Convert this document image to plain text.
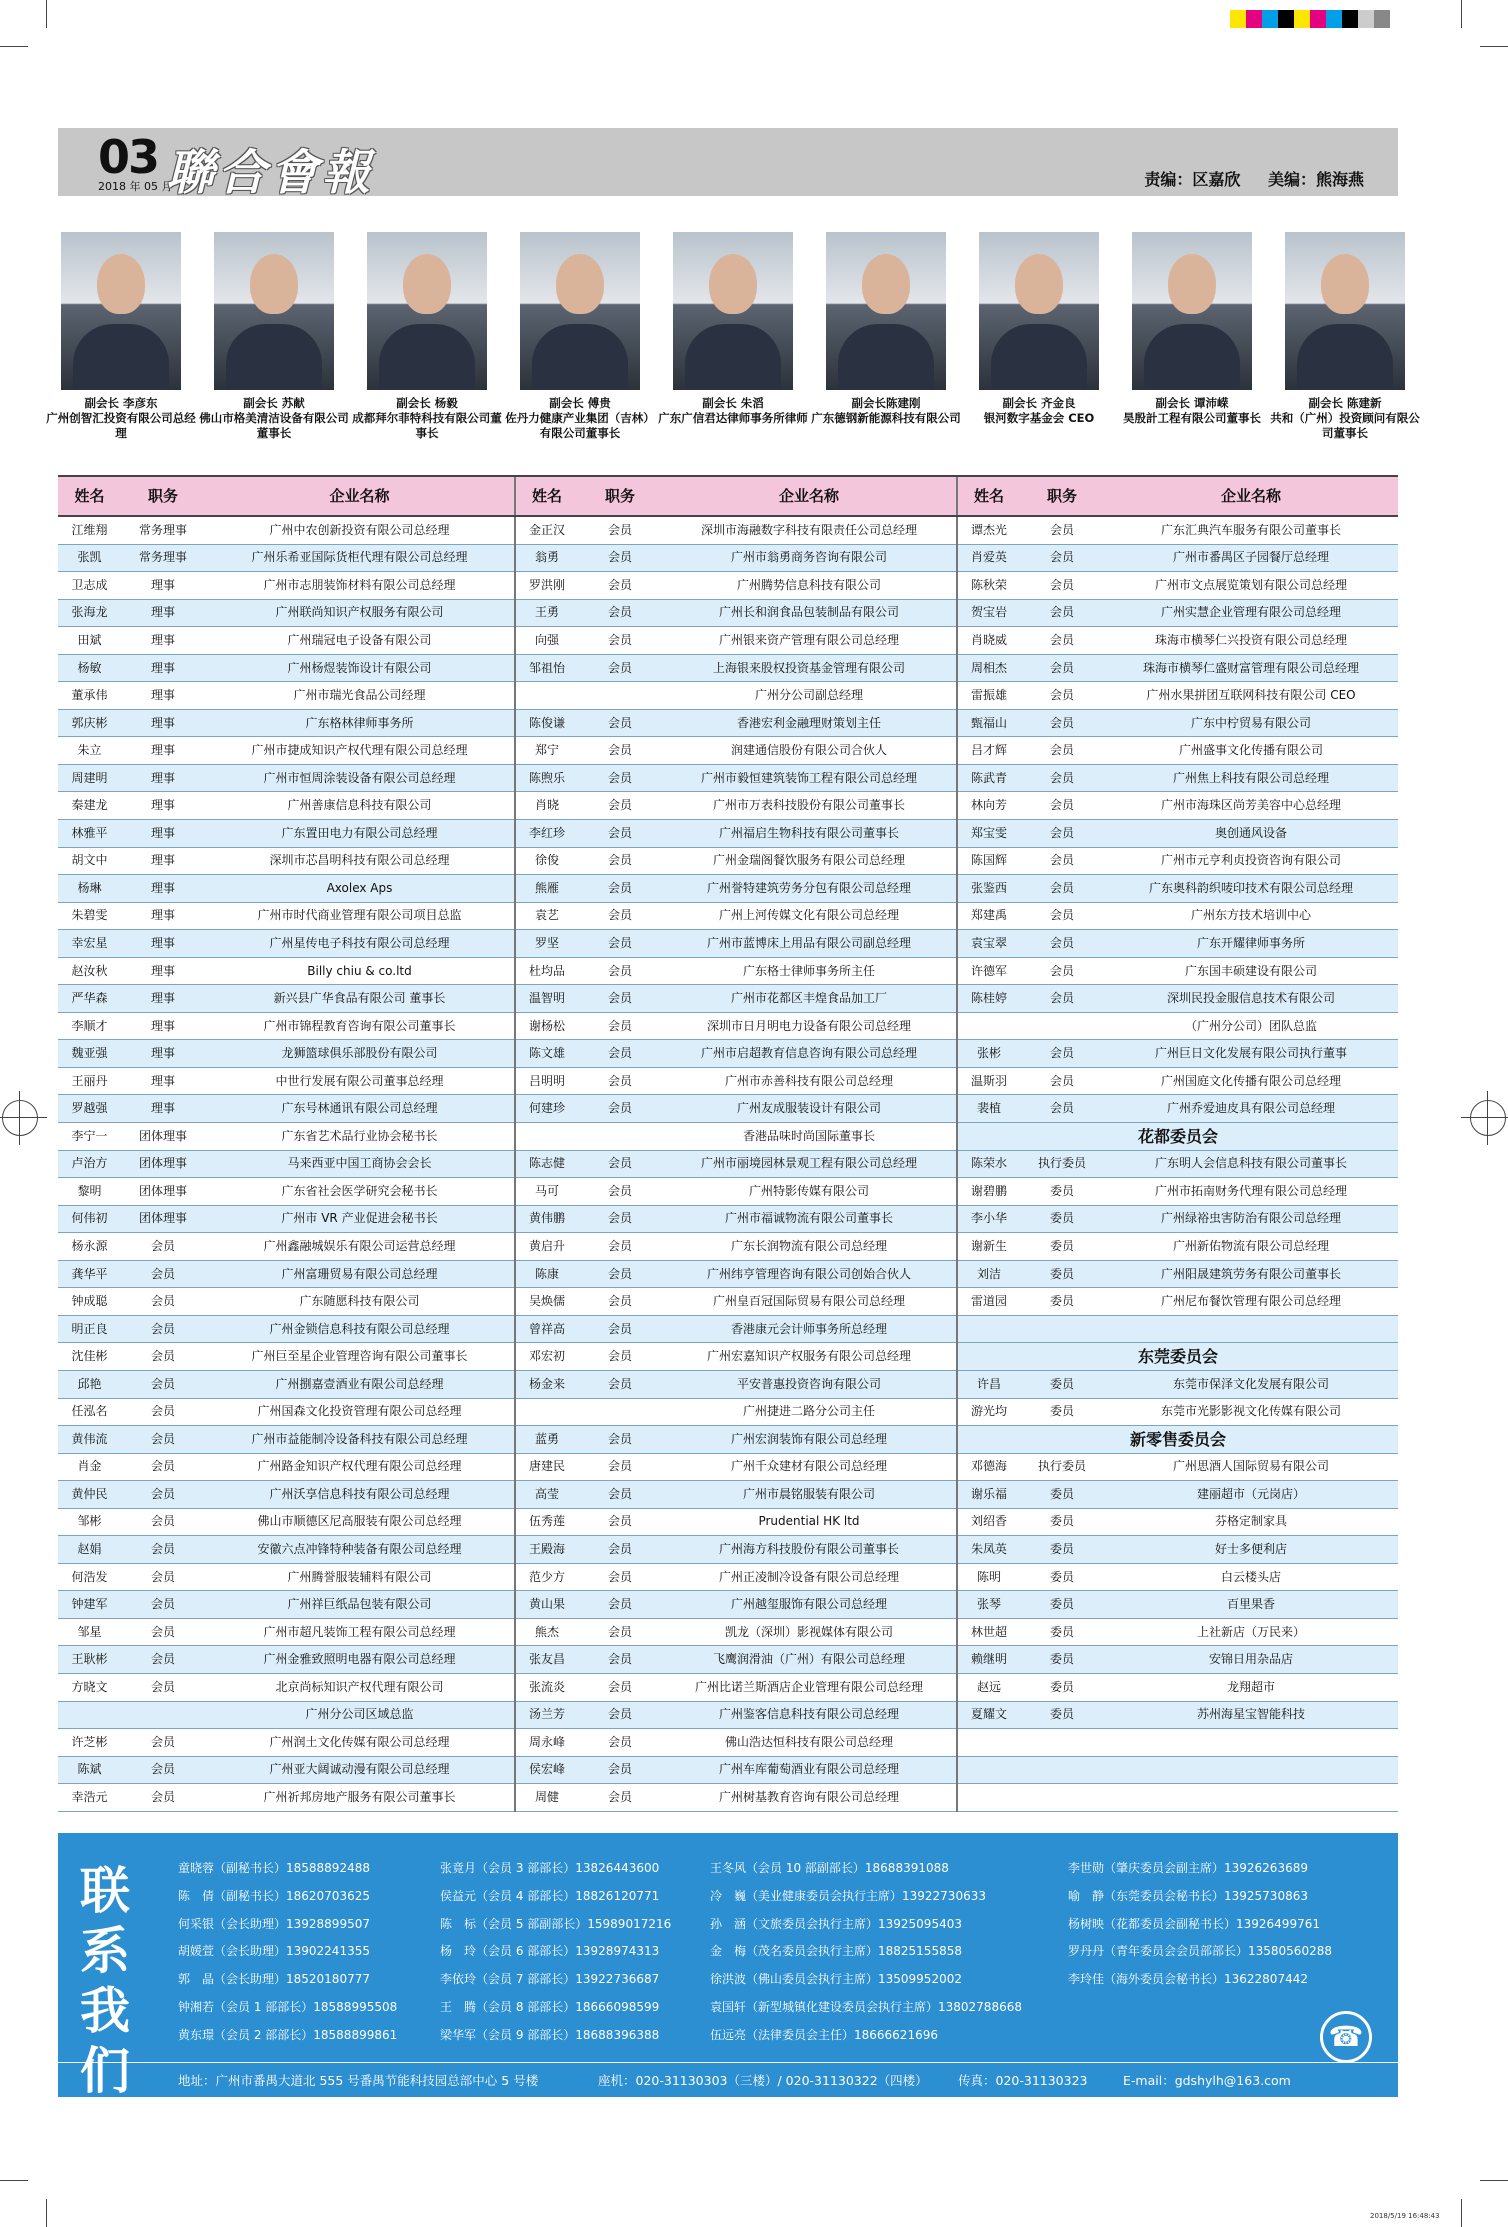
03
2018 年 05 月
聯合會報	责编：区嘉欣 美编：熊海燕
副会长 李彦东
广州创智汇投资有限公司总经理
副会长 苏献
佛山市格美清洁设备有限公司董事长
副会长 杨毅
成都拜尔菲特科技有限公司董事长
副会长 傅贵
佐丹力健康产业集团（吉林）有限公司董事长
副会长 朱滔
广东广信君达律师事务所律师
副会长陈建刚
广东德钢新能源科技有限公司
副会长 齐金良
银河数字基金会 CEO
副会长 谭沛嵘
昊殷計工程有限公司董事长
副会长 陈建新
共和（广州）投资顾问有限公司董事长
姓名	职务	企业名称	姓名	职务	企业名称	姓名	职务	企业名称
江维翔	常务理事	广州中农创新投资有限公司总经理	金正汉	会员	深圳市海融数字科技有限责任公司总经理	谭杰光	会员	广东汇典汽车服务有限公司董事长
张凯	常务理事	广州乐希亚国际货柜代理有限公司总经理	翁勇	会员	广州市翁勇商务咨询有限公司	肖爱英	会员	广州市番禺区子园餐厅总经理
卫志成	理事	广州市志朋装饰材料有限公司总经理	罗洪刚	会员	广州腾势信息科技有限公司	陈秋荣	会员	广州市文点展览策划有限公司总经理
张海龙	理事	广州联尚知识产权服务有限公司	王勇	会员	广州长和润食品包装制品有限公司	贺宝岩	会员	广州实慧企业管理有限公司总经理
田斌	理事	广州瑞冠电子设备有限公司	向强	会员	广州银来资产管理有限公司总经理	肖晓威	会员	珠海市横琴仁兴投资有限公司总经理
杨敏	理事	广州杨煜装饰设计有限公司	邹祖怡	会员	上海银来股权投资基金管理有限公司	周相杰	会员	珠海市横琴仁盛财富管理有限公司总经理
董承伟	理事	广州市瑞光食品公司经理			广州分公司副总经理	雷振雄	会员	广州水果拼团互联网科技有限公司 CEO
郭庆彬	理事	广东格林律师事务所	陈俊谦	会员	香港宏利金融理财策划主任	甄福山	会员	广东中柠贸易有限公司
朱立	理事	广州市捷成知识产权代理有限公司总经理	郑宁	会员	润建通信股份有限公司合伙人	吕才辉	会员	广州盛事文化传播有限公司
周建明	理事	广州市恒周涂装设备有限公司总经理	陈煦乐	会员	广州市毅恒建筑装饰工程有限公司总经理	陈武青	会员	广州焦上科技有限公司总经理
秦建龙	理事	广州善康信息科技有限公司	肖晓	会员	广州市万表科技股份有限公司董事长	林向芳	会员	广州市海珠区尚芳美容中心总经理
林雅平	理事	广东置田电力有限公司总经理	李红珍	会员	广州福启生物科技有限公司董事长	郑宝雯	会员	奥创通风设备
胡文中	理事	深圳市芯昌明科技有限公司总经理	徐俊	会员	广州金瑞阁餐饮服务有限公司总经理	陈国辉	会员	广州市元亨利贞投资咨询有限公司
杨琳	理事	Axolex Aps	熊雁	会员	广州誉特建筑劳务分包有限公司总经理	张鉴西	会员	广东奥科韵织唛印技术有限公司总经理
朱碧雯	理事	广州市时代商业管理有限公司项目总监	袁艺	会员	广州上河传媒文化有限公司总经理	郑建禹	会员	广州东方技术培训中心
幸宏星	理事	广州星传电子科技有限公司总经理	罗坚	会员	广州市蓝博床上用品有限公司副总经理	袁宝翠	会员	广东开耀律师事务所
赵汝秋	理事	Billy chiu & co.ltd	杜均品	会员	广东格士律师事务所主任	许德军	会员	广东国丰硕建设有限公司
严华森	理事	新兴县广华食品有限公司 董事长	温智明	会员	广州市花都区丰煌食品加工厂	陈桂婷	会员	深圳民投金服信息技术有限公司
李顺才	理事	广州市锦程教育咨询有限公司董事长	谢杨松	会员	深圳市日月明电力设备有限公司总经理			（广州分公司）团队总监
魏亚强	理事	龙狮篮球俱乐部股份有限公司	陈文雄	会员	广州市启超教育信息咨询有限公司总经理	张彬	会员	广州巨日文化发展有限公司执行董事
王丽丹	理事	中世行发展有限公司董事总经理	吕明明	会员	广州市赤善科技有限公司总经理	温斯羽	会员	广州国庭文化传播有限公司总经理
罗越强	理事	广东号林通讯有限公司总经理	何建珍	会员	广州友成服装设计有限公司	裴植	会员	广州乔爱迪皮具有限公司总经理
李宁一	团体理事	广东省艺术品行业协会秘书长			香港品味时尚国际董事长	花都委员会		
卢治方	团体理事	马来西亚中国工商协会会长	陈志健	会员	广州市丽境园林景观工程有限公司总经理	陈荣水	执行委员	广东明人会信息科技有限公司董事长
黎明	团体理事	广东省社会医学研究会秘书长	马可	会员	广州特影传媒有限公司	谢碧鹏	委员	广州市拓南财务代理有限公司总经理
何伟初	团体理事	广州市 VR 产业促进会秘书长	黄伟鹏	会员	广州市福诚物流有限公司董事长	李小华	委员	广州绿裕虫害防治有限公司总经理
杨永源	会员	广州鑫融城娱乐有限公司运营总经理	黄启升	会员	广东长润物流有限公司总经理	谢新生	委员	广州新佑物流有限公司总经理
龚华平	会员	广州富珊贸易有限公司总经理	陈康	会员	广州纬亨管理咨询有限公司创始合伙人	刘洁	委员	广州阳晟建筑劳务有限公司董事长
钟成聪	会员	广东随愿科技有限公司	吴焕儒	会员	广州皇百冠国际贸易有限公司总经理	雷道园	委员	广州尼布餐饮管理有限公司总经理
明正良	会员	广州金锁信息科技有限公司总经理	曾祥高	会员	香港康元会计师事务所总经理			
沈佳彬	会员	广州巨至星企业管理咨询有限公司董事长	邓宏初	会员	广州宏嘉知识产权服务有限公司总经理	东莞委员会		
邱艳	会员	广州捌嘉壹酒业有限公司总经理	杨金来	会员	平安普惠投资咨询有限公司	许昌	委员	东莞市保泽文化发展有限公司
任泓名	会员	广州国森文化投资管理有限公司总经理			广州捷进二路分公司主任	游光均	委员	东莞市光影影视文化传媒有限公司
黄伟流	会员	广州市益能制冷设备科技有限公司总经理	蓝勇	会员	广州宏润装饰有限公司总经理	新零售委员会		
肖金	会员	广州路金知识产权代理有限公司总经理	唐建民	会员	广州千众建材有限公司总经理	邓德海	执行委员	广州思酒人国际贸易有限公司
黄仲民	会员	广州沃享信息科技有限公司总经理	高莹	会员	广州市晨铭服装有限公司	谢乐福	委员	建丽超市（元岗店）
邹彬	会员	佛山市顺德区尼高服装有限公司总经理	伍秀莲	会员	Prudential HK ltd	刘绍香	委员	芬格定制家具
赵娟	会员	安徽六点冲锋特种装备有限公司总经理	王殿海	会员	广州海方科技股份有限公司董事长	朱凤英	委员	好士多便利店
何浩发	会员	广州腾誉服装辅料有限公司	范少方	会员	广州正凌制冷设备有限公司总经理	陈明	委员	白云楼头店
钟建军	会员	广州祥巨纸品包装有限公司	黄山果	会员	广州越玺服饰有限公司总经理	张琴	委员	百里果香
邹星	会员	广州市超凡装饰工程有限公司总经理	熊杰	会员	凯龙（深圳）影视媒体有限公司	林世超	委员	上社新店（万民来）
王耿彬	会员	广州金雅致照明电器有限公司总经理	张友昌	会员	飞鹰润滑油（广州）有限公司总经理	赖继明	委员	安锦日用杂品店
方晓文	会员	北京尚标知识产权代理有限公司	张流炎	会员	广州比诺兰斯酒店企业管理有限公司总经理	赵远	委员	龙翔超市
		广州分公司区域总监	汤兰芳	会员	广州鉴客信息科技有限公司总经理	夏耀文	委员	苏州海星宝智能科技
许芝彬	会员	广州润土文化传媒有限公司总经理	周永峰	会员	佛山浩达恒科技有限公司总经理			
陈斌	会员	广州亚大阔诚动漫有限公司总经理	侯宏峰	会员	广州车库葡萄酒业有限公司总经理			
幸浩元	会员	广州祈邦房地产服务有限公司董事长	周健	会员	广州树基教育咨询有限公司总经理			
联系我们
童晓蓉（副秘书长）18588892488
陈　倩（副秘书长）18620703625
何采银（会长助理）13928899507
胡媛萱（会长助理）13902241355
郭　晶（会长助理）18520180777
钟湘若（会员 1 部部长）18588995508
黄东璟（会员 2 部部长）18588899861
张竟月（会员 3 部部长）13826443600
侯益元（会员 4 部部长）18826120771
陈　标（会员 5 部副部长）15989017216
杨　玲（会员 6 部部长）13928974313
李依玲（会员 7 部部长）13922736687
王　腾（会员 8 部部长）18666098599
梁华军（会员 9 部部长）18688396388
王冬风（会员 10 部副部长）18688391088
冷　巍（美业健康委员会执行主席）13922730633
孙　涵（文旅委员会执行主席）13925095403
金　梅（茂名委员会执行主席）18825155858
徐洪波（佛山委员会执行主席）13509952002
袁国轩（新型城镇化建设委员会执行主席）13802788668
伍远亮（法律委员会主任）18666621696
李世勋（肇庆委员会副主席）13926263689
喻　静（东莞委员会秘书长）13925730863
杨树映（花都委员会副秘书长）13926499761
罗丹丹（青年委员会会员部部长）13580560288
李玲佳（海外委员会秘书长）13622807442
☎
地址：广州市番禺大道北 555 号番禺节能科技园总部中心 5 号楼	座机：020-31130303（三楼）/ 020-31130322（四楼） 传真：020-31130323	E-mail：gdshylh@163.com
2018/5/19 16:48:43
